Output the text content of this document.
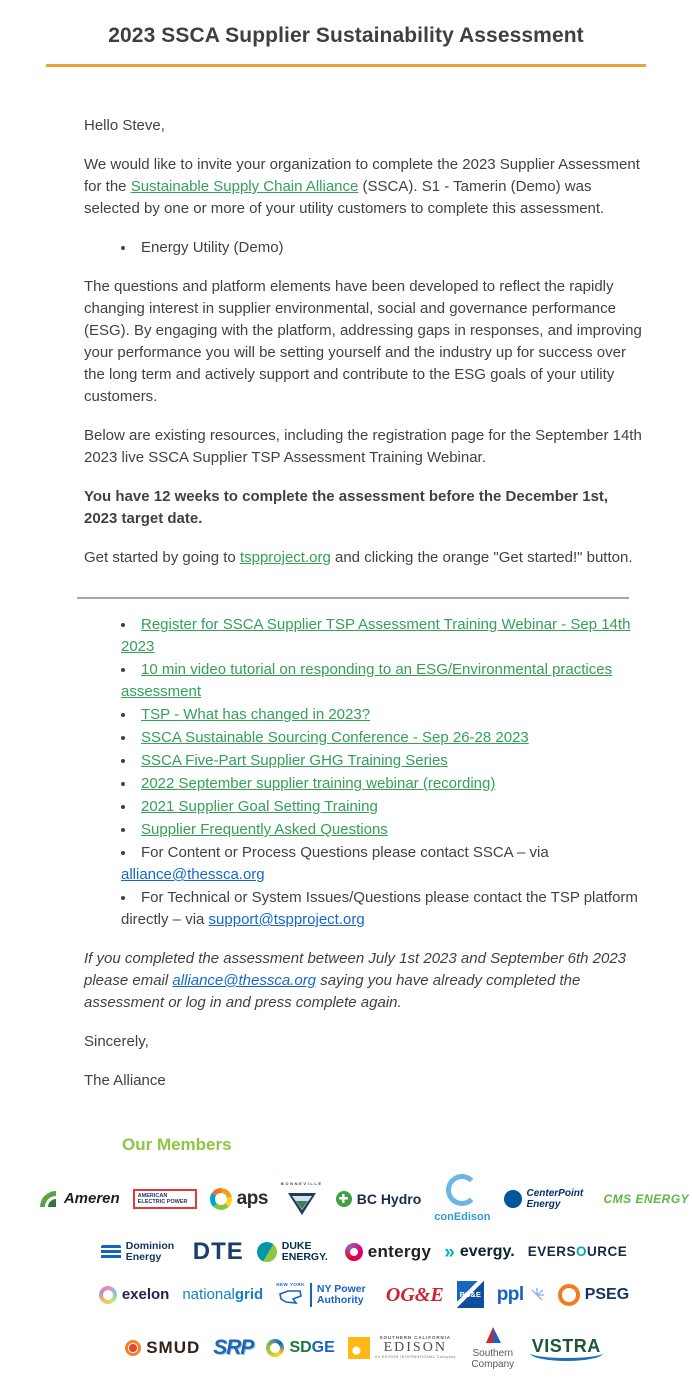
2023 SSCA Supplier Sustainability Assessment

Hello Steve,

We would like to invite your organization to complete the 2023 Supplier Assessment for the Sustainable Supply Chain Alliance (SSCA). S1 - Tamerin (Demo) was selected by one or more of your utility customers to complete this assessment.

• Energy Utility (Demo)

The questions and platform elements have been developed to reflect the rapidly changing interest in supplier environmental, social and governance performance (ESG). By engaging with the platform, addressing gaps in responses, and improving your performance you will be setting yourself and the industry up for success over the long term and actively support and contribute to the ESG goals of your utility customers.

Below are existing resources, including the registration page for the September 14th 2023 live SSCA Supplier TSP Assessment Training Webinar.

You have 12 weeks to complete the assessment before the December 1st, 2023 target date.

Get started by going to tspproject.org and clicking the orange "Get started!" button.

• Register for SSCA Supplier TSP Assessment Training Webinar - Sep 14th 2023
• 10 min video tutorial on responding to an ESG/Environmental practices assessment
• TSP - What has changed in 2023?
• SSCA Sustainable Sourcing Conference - Sep 26-28 2023
• SSCA Five-Part Supplier GHG Training Series
• 2022 September supplier training webinar (recording)
• 2021 Supplier Goal Setting Training
• Supplier Frequently Asked Questions
• For Content or Process Questions please contact SSCA – via alliance@thessca.org
• For Technical or System Issues/Questions please contact the TSP platform directly – via support@tspproject.org

If you completed the assessment between July 1st 2023 and September 6th 2023 please email alliance@thessca.org saying you have already completed the assessment or log in and press complete again.

Sincerely,

The Alliance

Our Members
Ameren	AMERICAN ELECTRIC POWER	aps
BONNEVILLE
BC Hydro
conEdison
CenterPoint Energy	CMS ENERGY
Dominion Energy	DTE	DUKE ENERGY. entergy » evergy. EVERSOURCE
exelon nationalgrid
NEW YORK NY Power Authority	OG&E PG&E ppl	PSEG
SMUD SRP SDGE
SOUTHERN CALIFORNIA
EDISON
An EDISON INTERNATIONAL Company	Southern Company
VISTRA
